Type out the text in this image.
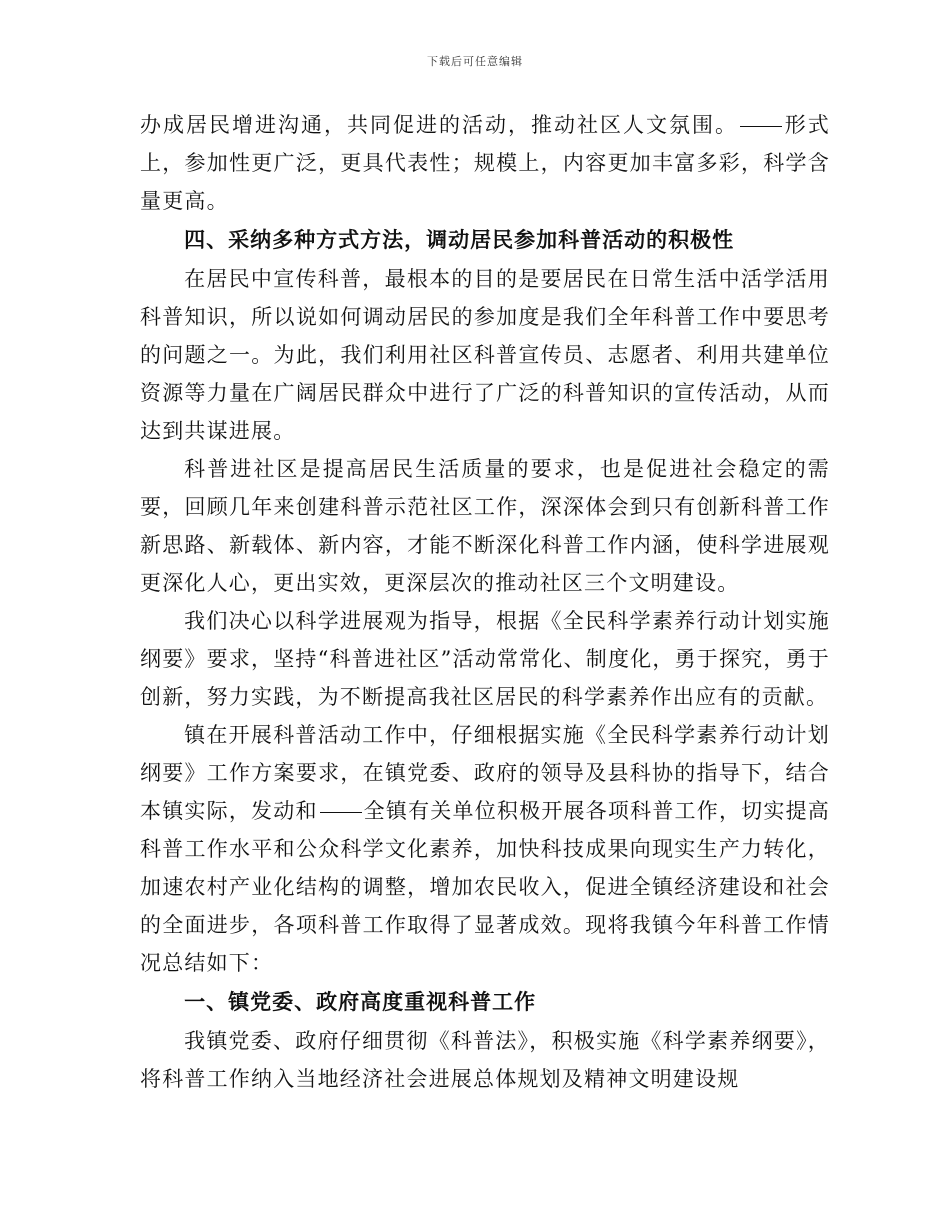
下载后可任意编辑

办成居民增进沟通，共同促进的活动，推动社区人文氛围。 形式上，参加性更广泛，更具代表性；规模上，内容更加丰富多彩，科学含量更高。

四、采纳多种方式方法，调动居民参加科普活动的积极性

在居民中宣传科普，最根本的目的是要居民在日常生活中活学活用科普知识，所以说如何调动居民的参加度是我们全年科普工作中要思考的问题之一。为此，我们利用社区科普宣传员、志愿者、利用共建单位资源等力量在广阔居民群众中进行了广泛的科普知识的宣传活动，从而达到共谋进展。

科普进社区是提高居民生活质量的要求，也是促进社会稳定的需要，回顾几年来创建科普示范社区工作，深深体会到只有创新科普工作新思路、新载体、新内容，才能不断深化科普工作内涵，使科学进展观更深化人心，更出实效，更深层次的推动社区三个文明建设。

我们决心以科学进展观为指导，根据《全民科学素养行动计划实施纲要》要求，坚持“科普进社区”活动常常化、制度化，勇于探究，勇于创新，努力实践，为不断提高我社区居民的科学素养作出应有的贡献。

镇在开展科普活动工作中，仔细根据实施《全民科学素养行动计划纲要》工作方案要求，在镇党委、政府的领导及县科协的指导下，结合本镇实际，发动和 全镇有关单位积极开展各项科普工作，切实提高科普工作水平和公众科学文化素养，加快科技成果向现实生产力转化，加速农村产业化结构的调整，增加农民收入，促进全镇经济建设和社会的全面进步，各项科普工作取得了显著成效。现将我镇今年科普工作情况总结如下：

一、镇党委、政府高度重视科普工作

我镇党委、政府仔细贯彻《科普法》，积极实施《科学素养纲要》，将科普工作纳入当地经济社会进展总体规划及精神文明建设规
